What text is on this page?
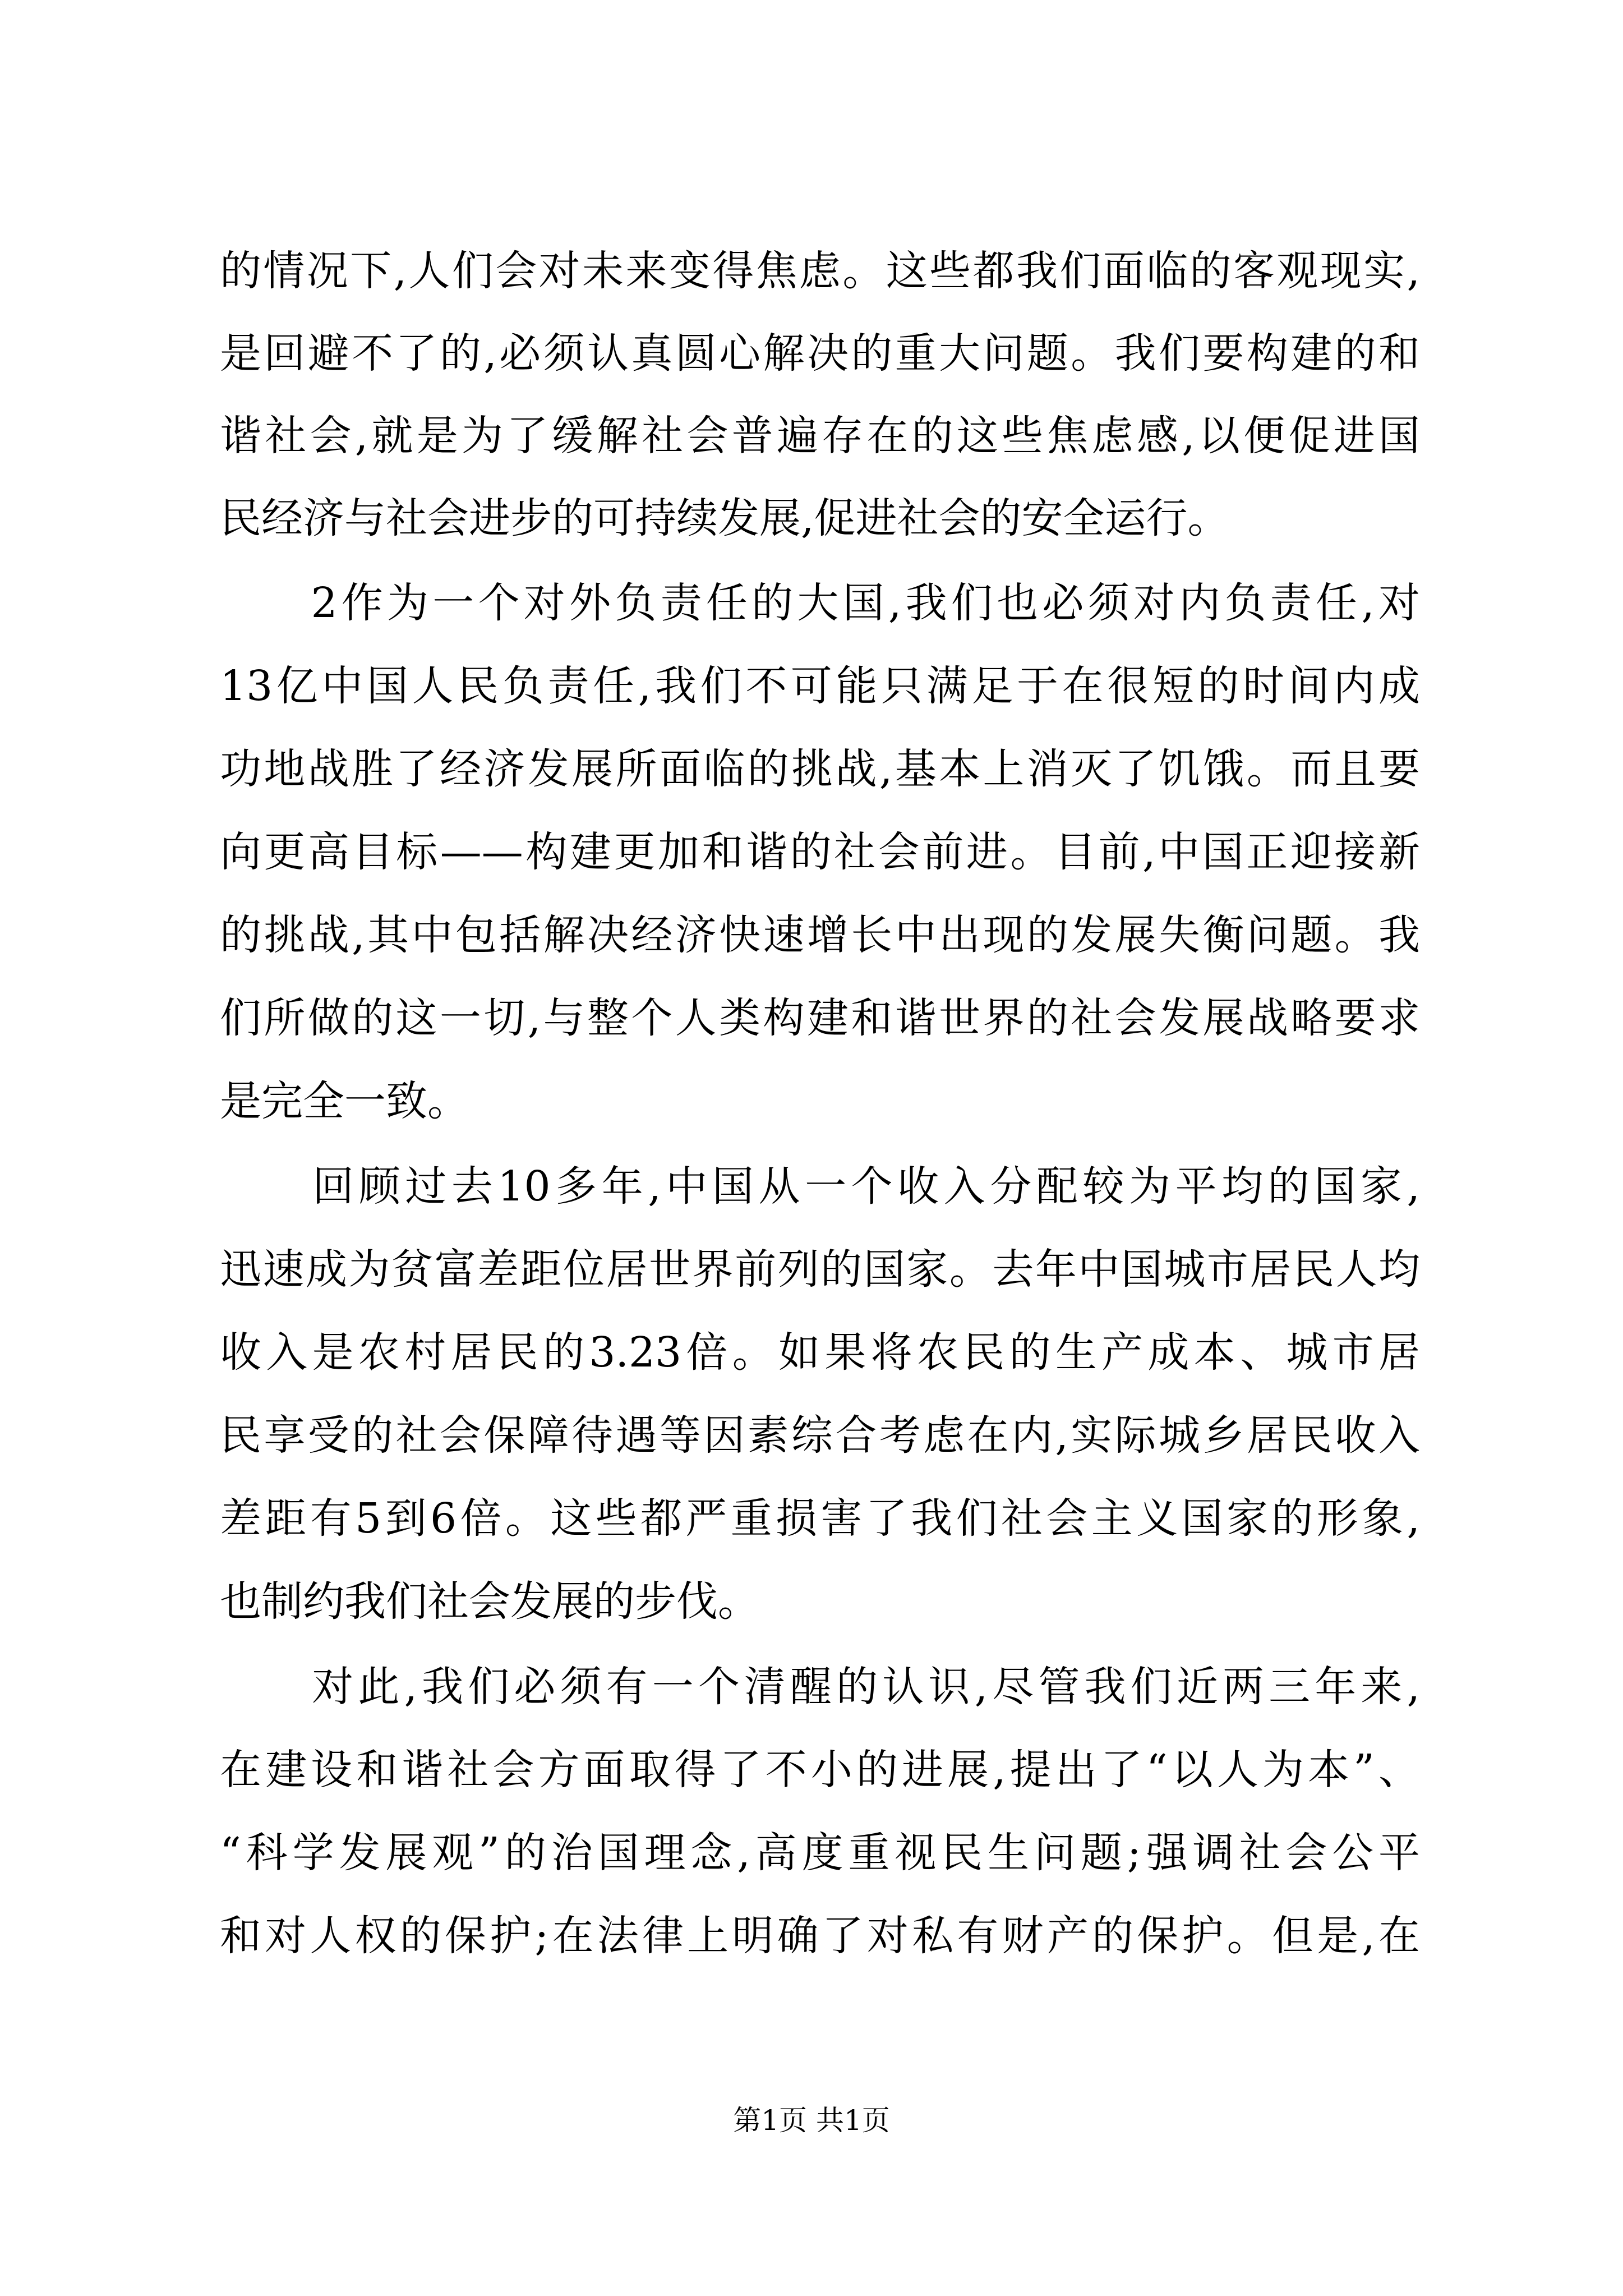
的情况下,人们会对未来变得焦虑。这些都我们面临的客观现实,
是回避不了的,必须认真圆心解决的重大问题。我们要构建的和
谐社会,就是为了缓解社会普遍存在的这些焦虑感,以便促进国
民经济与社会进步的可持续发展,促进社会的安全运行。
　　2作为一个对外负责任的大国,我们也必须对内负责任,对
13亿中国人民负责任,我们不可能只满足于在很短的时间内成
功地战胜了经济发展所面临的挑战,基本上消灭了饥饿。而且要
向更高目标——构建更加和谐的社会前进。目前,中国正迎接新
的挑战,其中包括解决经济快速增长中出现的发展失衡问题。我
们所做的这一切,与整个人类构建和谐世界的社会发展战略要求
是完全一致。
　　回顾过去10多年,中国从一个收入分配较为平均的国家,
迅速成为贫富差距位居世界前列的国家。去年中国城市居民人均
收入是农村居民的3.23倍。如果将农民的生产成本、城市居
民享受的社会保障待遇等因素综合考虑在内,实际城乡居民收入
差距有5到6倍。这些都严重损害了我们社会主义国家的形象,
也制约我们社会发展的步伐。
　　对此,我们必须有一个清醒的认识,尽管我们近两三年来,
在建设和谐社会方面取得了不小的进展,提出了“以人为本”、
“科学发展观”的治国理念,高度重视民生问题;强调社会公平
和对人权的保护;在法律上明确了对私有财产的保护。但是,在
第1页 共1页
